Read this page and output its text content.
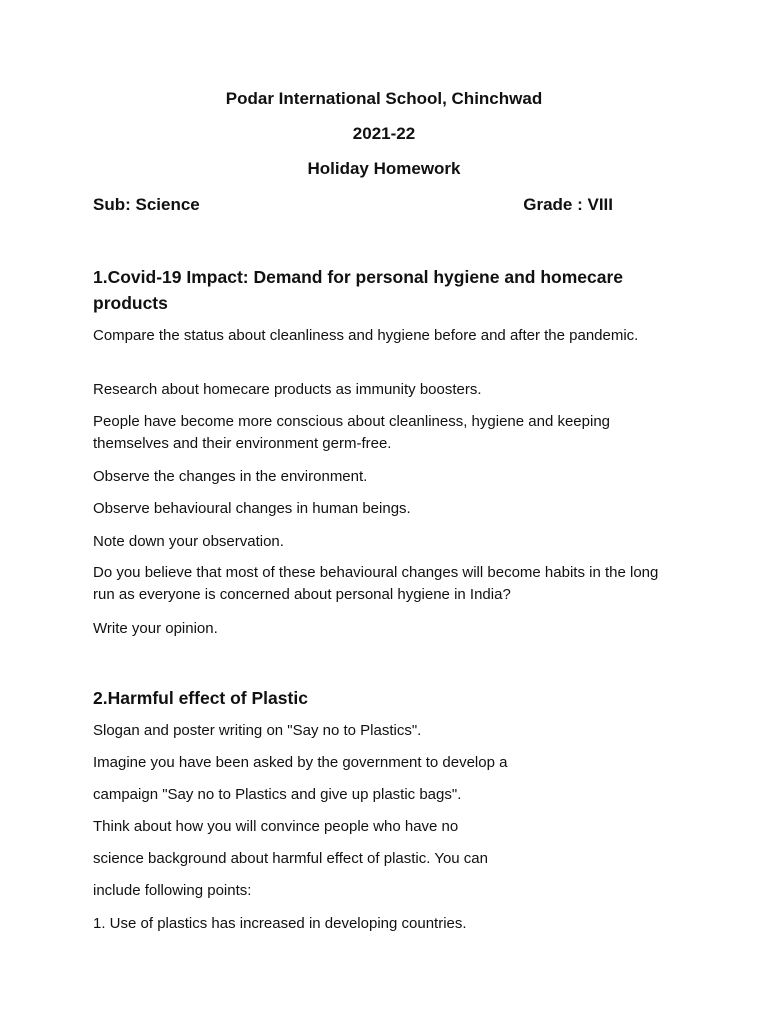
Podar International School, Chinchwad
2021-22
Holiday Homework
Sub: Science	Grade : VIII
1.Covid-19 Impact: Demand for personal hygiene and homecare products
Compare the status about cleanliness and hygiene before and after the pandemic.
Research about homecare products as immunity boosters.
People have become more conscious about cleanliness, hygiene and keeping themselves and their environment germ-free.
Observe the changes in the environment.
Observe behavioural changes in human beings.
Note down your observation.
Do you believe that most of these behavioural changes will become habits in the long run as everyone is concerned about personal hygiene in India?
Write your opinion.
2.Harmful effect of Plastic
Slogan and poster writing on "Say no to Plastics".
Imagine you have been asked by the government to develop a
campaign "Say no to Plastics and give up plastic bags".
Think about how you will convince people who have no
science background about harmful effect of plastic. You can
include following points:
1. Use of plastics has increased in developing countries.
